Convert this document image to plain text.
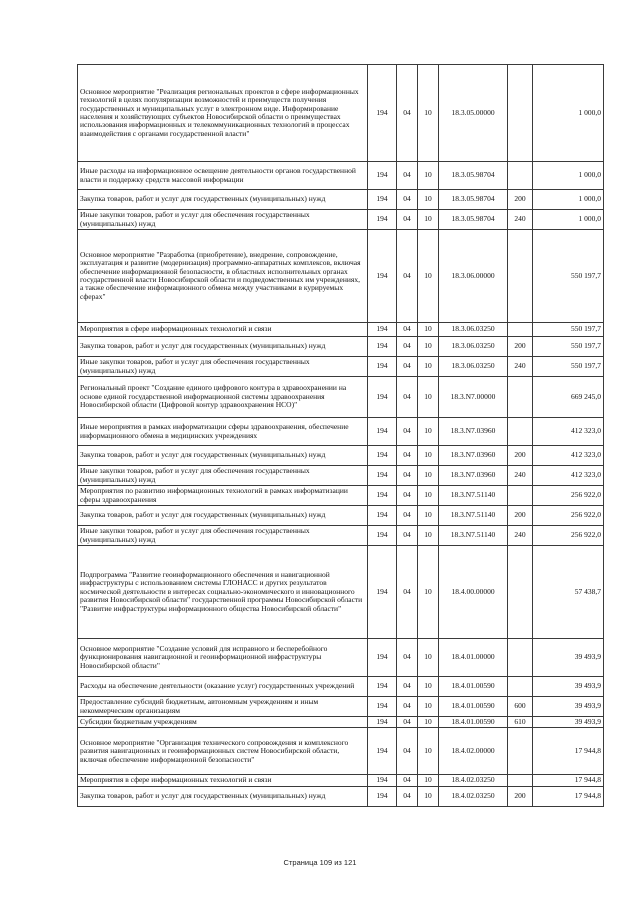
Основное мероприятие "Реализация региональных проектов в сфере информационных технологий в целях популяризации возможностей и преимуществ получения государственных и муниципальных услуг в электронном виде. Информирование населения и хозяйствующих субъектов Новосибирской области о преимуществах использования информационных и телекоммуникационных технологий в процессах взаимодействия с органами государственной власти"	194	04	10	18.3.05.00000		1 000,0
Иные расходы на информационное освещение деятельности органов государственной власти и поддержку средств массовой информации	194	04	10	18.3.05.98704		1 000,0
Закупка товаров, работ и услуг для государственных (муниципальных) нужд	194	04	10	18.3.05.98704	200	1 000,0
Иные закупки товаров, работ и услуг для обеспечения государственных (муниципальных) нужд	194	04	10	18.3.05.98704	240	1 000,0
Основное мероприятие "Разработка (приобретение), внедрение, сопровождение, эксплуатация и развитие (модернизация) программно-аппаратных комплексов, включая обеспечение информационной безопасности, в областных исполнительных органах государственной власти Новосибирской области и подведомственных им учреждениях, а также обеспечение информационного обмена между участниками в курируемых сферах"	194	04	10	18.3.06.00000		550 197,7
Мероприятия в сфере информационных технологий и связи	194	04	10	18.3.06.03250		550 197,7
Закупка товаров, работ и услуг для государственных (муниципальных) нужд	194	04	10	18.3.06.03250	200	550 197,7
Иные закупки товаров, работ и услуг для обеспечения государственных (муниципальных) нужд	194	04	10	18.3.06.03250	240	550 197,7
Региональный проект "Создание единого цифрового контура в здравоохранении на основе единой государственной информационной системы здравоохранения Новосибирской области (Цифровой контур здравоохранения НСО)"	194	04	10	18.3.N7.00000		669 245,0
Иные мероприятия в рамках информатизации сферы здравоохранения, обеспечение информационного обмена в медицинских учреждениях	194	04	10	18.3.N7.03960		412 323,0
Закупка товаров, работ и услуг для государственных (муниципальных) нужд	194	04	10	18.3.N7.03960	200	412 323,0
Иные закупки товаров, работ и услуг для обеспечения государственных (муниципальных) нужд	194	04	10	18.3.N7.03960	240	412 323,0
Мероприятия по развитию информационных технологий в рамках информатизации сферы здравоохранения	194	04	10	18.3.N7.51140		256 922,0
Закупка товаров, работ и услуг для государственных (муниципальных) нужд	194	04	10	18.3.N7.51140	200	256 922,0
Иные закупки товаров, работ и услуг для обеспечения государственных (муниципальных) нужд	194	04	10	18.3.N7.51140	240	256 922,0
Подпрограмма "Развитие геоинформационного обеспечения и навигационной инфраструктуры с использованием системы ГЛОНАСС и других результатов космической деятельности в интересах социально-экономического и инновационного развития Новосибирской области" государственной программы Новосибирской области "Развитие инфраструктуры информационного общества Новосибирской области"	194	04	10	18.4.00.00000		57 438,7
Основное мероприятие "Создание условий для исправного и бесперебойного функционирования навигационной и геоинформационной инфраструктуры Новосибирской области"	194	04	10	18.4.01.00000		39 493,9
Расходы на обеспечение деятельности (оказание услуг) государственных учреждений	194	04	10	18.4.01.00590		39 493,9
Предоставление субсидий бюджетным, автономным учреждениям и иным некоммерческим организациям	194	04	10	18.4.01.00590	600	39 493,9
Субсидии бюджетным учреждениям	194	04	10	18.4.01.00590	610	39 493,9
Основное мероприятие "Организация технического сопровождения и комплексного развития навигационных и геоинформационных систем Новосибирской области, включая обеспечение информационной безопасности"	194	04	10	18.4.02.00000		17 944,8
Мероприятия в сфере информационных технологий и связи	194	04	10	18.4.02.03250		17 944,8
Закупка товаров, работ и услуг для государственных (муниципальных) нужд	194	04	10	18.4.02.03250	200	17 944,8
Страница 109 из 121
